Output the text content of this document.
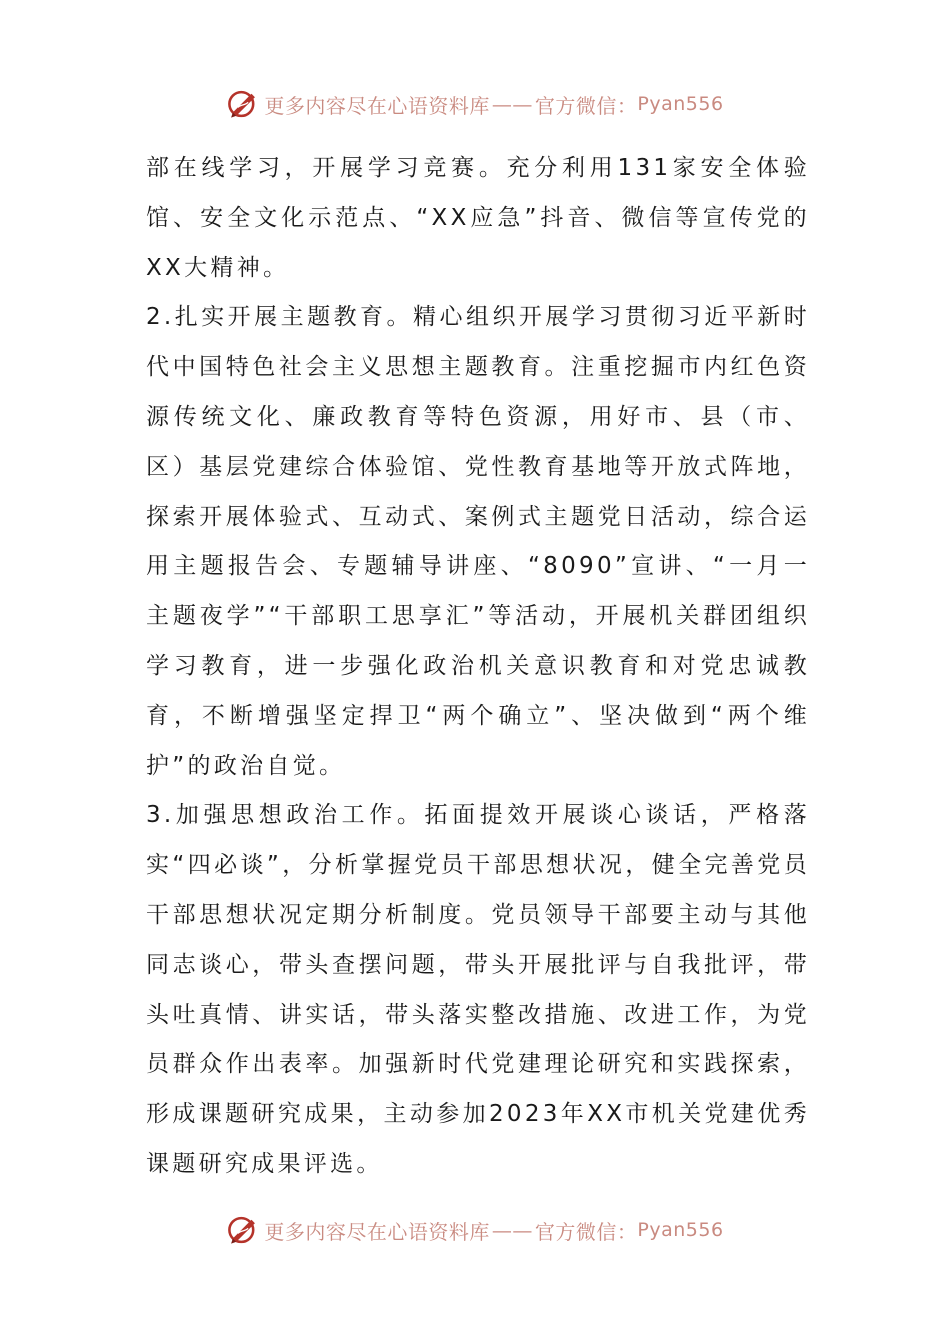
更多内容尽在心语资料库 —— 官方微信： Pyan556

部在线学习，开展学习竞赛。充分利用131家安全体验馆、安全文化示范点、“XX应急”抖音、微信等宣传党的XX大精神。

2.扎实开展主题教育。精心组织开展学习贯彻习近平新时代中国特色社会主义思想主题教育。注重挖掘市内红色资源传统文化、廉政教育等特色资源，用好市、县（市、区）基层党建综合体验馆、党性教育基地等开放式阵地，探索开展体验式、互动式、案例式主题党日活动，综合运用主题报告会、专题辅导讲座、“8090”宣讲、“一月一主题夜学”“干部职工思享汇”等活动，开展机关群团组织学习教育，进一步强化政治机关意识教育和对党忠诚教育，不断增强坚定捍卫“两个确立”、坚决做到“两个维护”的政治自觉。

3.加强思想政治工作。拓面提效开展谈心谈话，严格落实“四必谈”，分析掌握党员干部思想状况，健全完善党员干部思想状况定期分析制度。党员领导干部要主动与其他同志谈心，带头查摆问题，带头开展批评与自我批评，带头吐真情、讲实话，带头落实整改措施、改进工作，为党员群众作出表率。加强新时代党建理论研究和实践探索，形成课题研究成果，主动参加2023年XX市机关党建优秀课题研究成果评选。

更多内容尽在心语资料库 —— 官方微信： Pyan556
